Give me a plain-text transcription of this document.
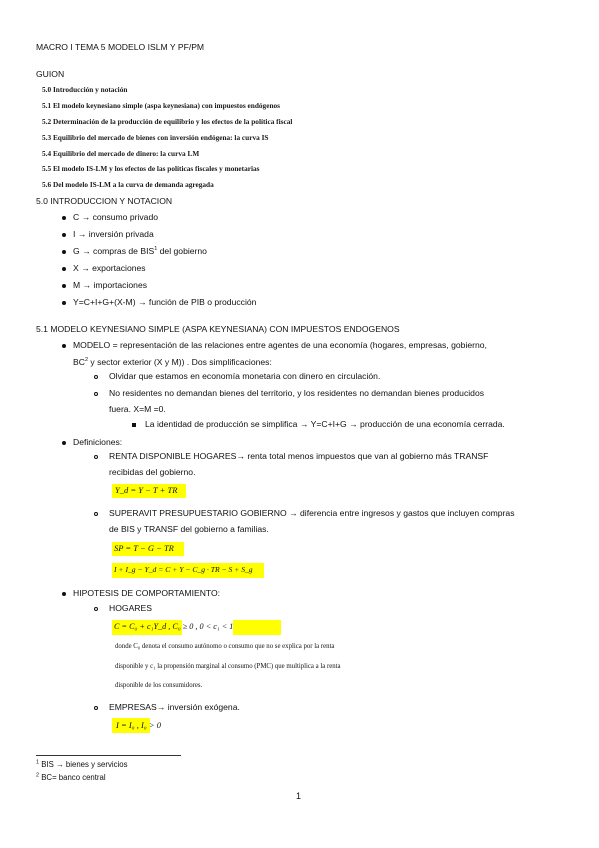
MACRO I TEMA 5 MODELO ISLM Y PF/PM
GUION
5.0 Introducción y notación
5.1 El modelo keynesiano simple (aspa keynesiana) con impuestos endógenos
5.2 Determinación de la producción de equilibrio y los efectos de la política fiscal
5.3 Equilibrio del mercado de bienes con inversión endógena: la curva IS
5.4 Equilibrio del mercado de dinero: la curva LM
5.5 El modelo IS-LM y los efectos de las políticas fiscales y monetarias
5.6 Del modelo IS-LM a la curva de demanda agregada
5.0 INTRODUCCION Y NOTACION
C → consumo privado
I → inversión privada
G → compras de BIS$^1$ del gobierno
X → exportaciones
M → importaciones
Y=C+I+G+(X-M) → función de PIB o producción
5.1 MODELO KEYNESIANO SIMPLE (ASPA KEYNESIANA) CON IMPUESTOS ENDOGENOS
MODELO = representación de las relaciones entre agentes de una economía (hogares, empresas, gobierno,
$BC^2$ y sector exterior (X y M)) . Dos simplificaciones:
Olvidar que estamos en economía monetaria con dinero en circulación.
No residentes no demandan bienes del territorio, y los residentes no demandan bienes producidos
fuera. X=M =0.
La identidad de producción se simplifica → Y=C+I+G → producción de una economía cerrada.
Definiciones:
RENTA DISPONIBLE HOGARES→ renta total menos impuestos que van al gobierno más TRANSF
recibidas del gobierno.
Y_d = Y − T + TR
SUPERAVIT PRESUPUESTARIO GOBIERNO → diferencia entre ingresos y gastos que incluyen compras
de BIS y TRANSF del gobierno a familias.
SP = T − G − TR
I + I_g − Y_d = C + Y − C_g · TR − S + S_g
HIPOTESIS DE COMPORTAMIENTO:
HOGARES
C = C₀ + c₁Y_d , C₀ ≥ 0 , 0 < c₁ < 1
donde C₀ denota el consumo autónomo o consumo que no se explica por la renta
disponible y c₁ la propensión marginal al consumo (PMC) que multiplica a la renta
disponible de los consumidores.
EMPRESAS→ inversión exógena.
I = I₀ , I₀ > 0
$^1$ BIS → bienes y servicios
$^2$ BC= banco central
1
